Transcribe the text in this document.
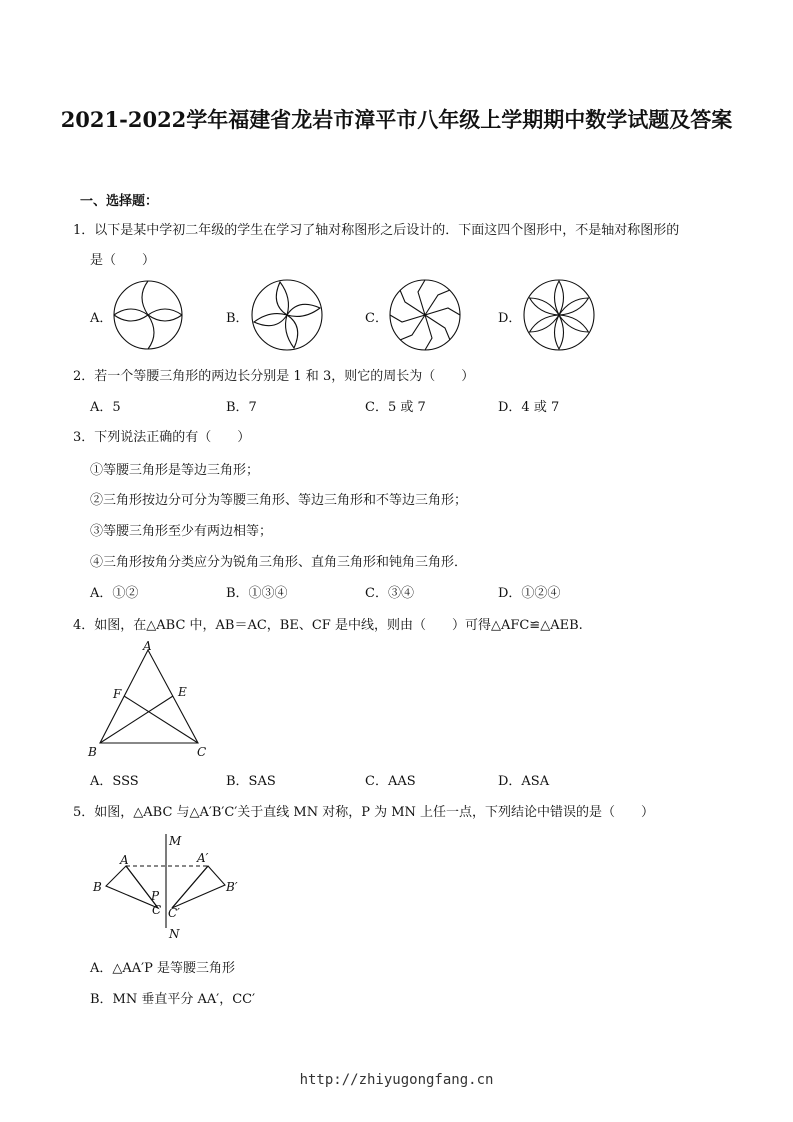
2021-2022学年福建省龙岩市漳平市八年级上学期期中数学试题及答案
一、选择题：
1．以下是某中学初二年级的学生在学习了轴对称图形之后设计的．下面这四个图形中，不是轴对称图形的
是（　　）
A．	B．	C．	D．
2．若一个等腰三角形的两边长分别是 1 和 3，则它的周长为（　　）
A．5	B．7	C．5 或 7	D．4 或 7
3．下列说法正确的有（　　）
①等腰三角形是等边三角形；
②三角形按边分可分为等腰三角形、等边三角形和不等边三角形；
③等腰三角形至少有两边相等；
④三角形按角分类应分为锐角三角形、直角三角形和钝角三角形．
A．①②	B．①③④	C．③④	D．①②④
4．如图，在△ABC 中，AB＝AC，BE、CF 是中线，则由（　　）可得△AFC≌△AEB.
A
F	E
B	C
A．SSS	B．SAS	C．AAS	D．ASA
5．如图，△ABC 与△A′B′C′关于直线 MN 对称，P 为 MN 上任一点，下列结论中错误的是（　　）
M
N
A	A′
B	B′
P
C C′
A．△AA′P 是等腰三角形
B．MN 垂直平分 AA′，CC′
http://zhiyugongfang.cn
